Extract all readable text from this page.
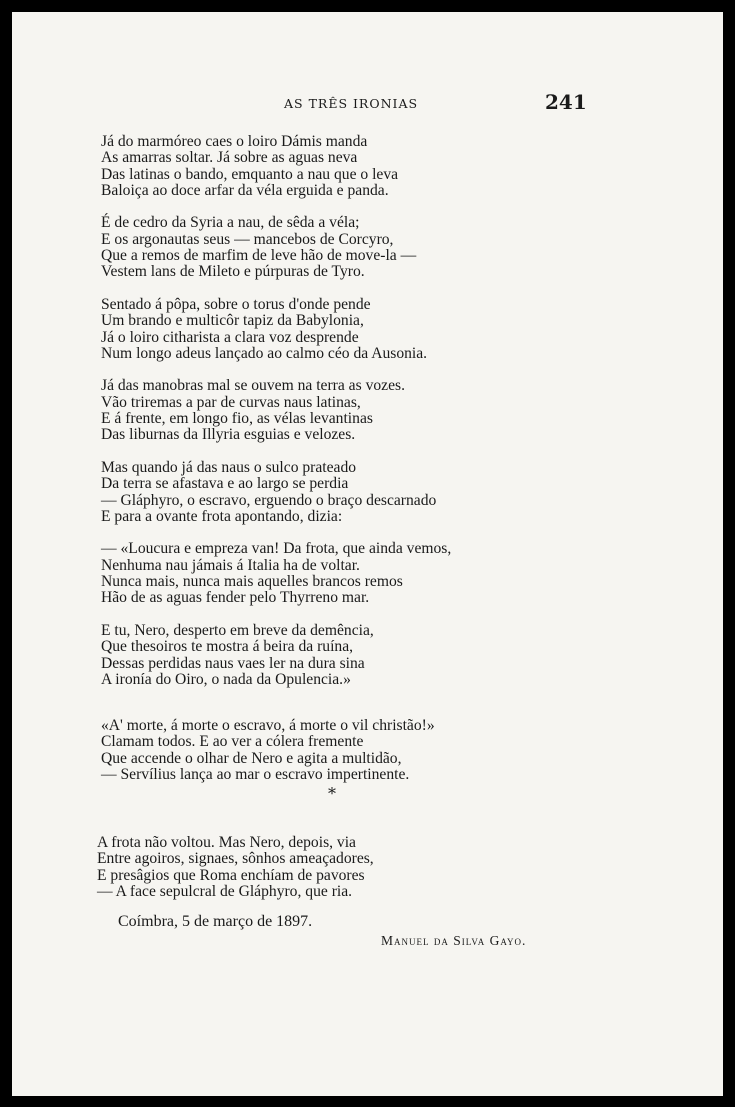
AS TRÊS IRONIAS	241
Já do marmóreo caes o loiro Dámis manda
As amarras soltar. Já sobre as aguas neva
Das latinas o bando, emquanto a nau que o leva
Baloiça ao doce arfar da véla erguida e panda.
É de cedro da Syria a nau, de sêda a véla;
E os argonautas seus — mancebos de Corcyro,
Que a remos de marfim de leve hão de move-la —
Vestem lans de Mileto e púrpuras de Tyro.
Sentado á pôpa, sobre o torus d'onde pende
Um brando e multicôr tapiz da Babylonia,
Já o loiro citharista a clara voz desprende
Num longo adeus lançado ao calmo céo da Ausonia.
Já das manobras mal se ouvem na terra as vozes.
Vão triremas a par de curvas naus latinas,
E á frente, em longo fio, as vélas levantinas
Das liburnas da Illyria esguias e velozes.
Mas quando já das naus o sulco prateado
Da terra se afastava e ao largo se perdia
— Gláphyro, o escravo, erguendo o braço descarnado
E para a ovante frota apontando, dizia:
— «Loucura e empreza van! Da frota, que ainda vemos,
Nenhuma nau jámais á Italia ha de voltar.
Nunca mais, nunca mais aquelles brancos remos
Hão de as aguas fender pelo Thyrreno mar.
E tu, Nero, desperto em breve da demência,
Que thesoiros te mostra á beira da ruína,
Dessas perdidas naus vaes ler na dura sina
A ironía do Oiro, o nada da Opulencia.»
«A' morte, á morte o escravo, á morte o vil christão!»
Clamam todos. E ao ver a cólera fremente
Que accende o olhar de Nero e agita a multidão,
— Servílius lança ao mar o escravo impertinente.
*
A frota não voltou. Mas Nero, depois, via
Entre agoiros, signaes, sônhos ameaçadores,
E presâgios que Roma enchíam de pavores
— A face sepulcral de Gláphyro, que ria.
Coímbra, 5 de março de 1897.
Manuel da Silva Gayo.
